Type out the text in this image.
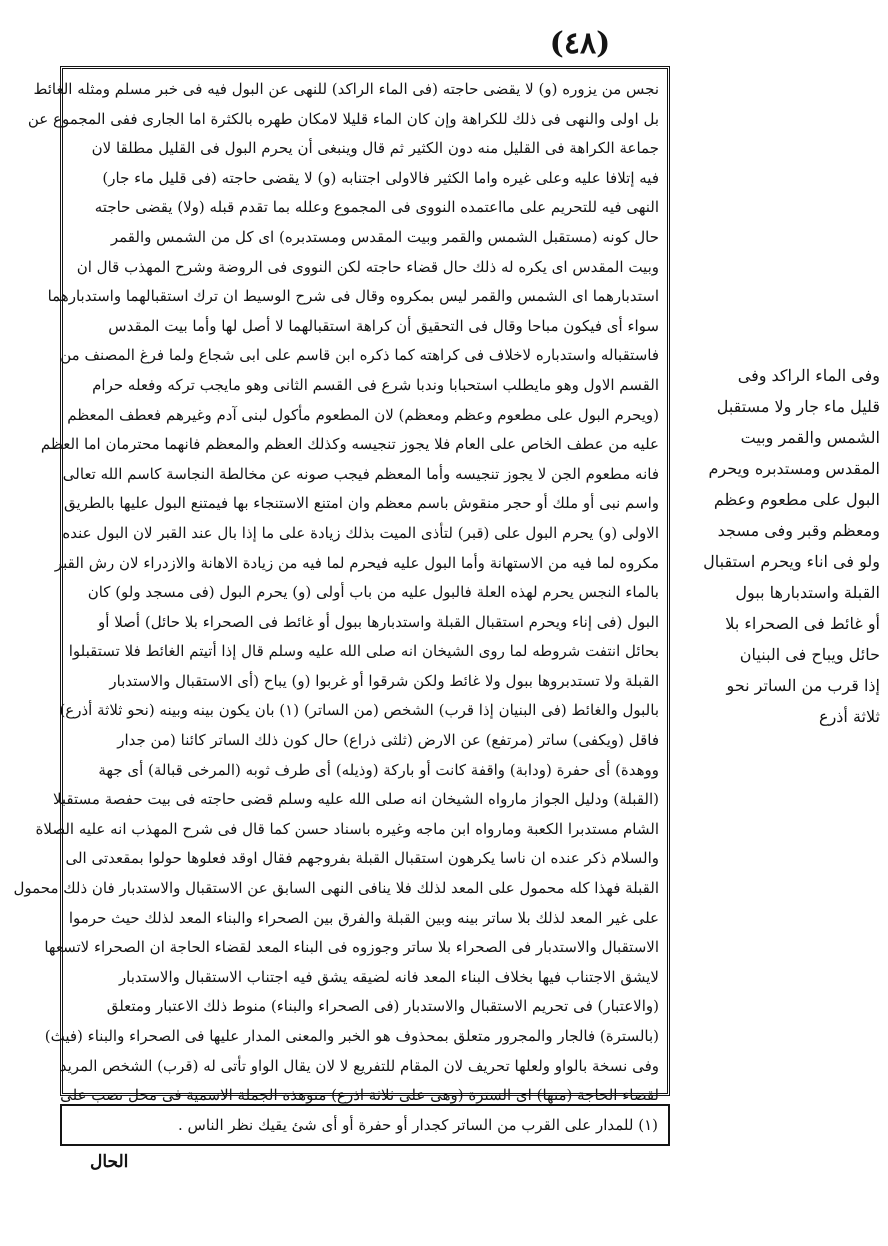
(٤٨)
نجس من يزوره (و) لا يقضى حاجته (فى الماء الراكد) للنهى عن البول فيه فى خبر مسلم ومثله الغائط
بل اولى والنهى فى ذلك للكراهة وإن كان الماء قليلا لامكان طهره بالكثرة اما الجارى ففى المجموع عن
جماعة الكراهة فى القليل منه دون الكثير ثم قال وينبغى أن يحرم البول فى القليل مطلقا لان
فيه إتلافا عليه وعلى غيره واما الكثير فالاولى اجتنابه (و) لا يقضى حاجته (فى قليل ماء جار)
النهى فيه للتحريم على مااعتمده النووى فى المجموع وعلله بما تقدم قبله (ولا) يقضى حاجته
حال كونه (مستقبل الشمس والقمر وبيت المقدس ومستدبره) اى كل من الشمس والقمر
وبيت المقدس اى يكره له ذلك حال قضاء حاجته لكن النووى فى الروضة وشرح المهذب قال ان
استدبارهما اى الشمس والقمر ليس بمكروه وقال فى شرح الوسيط ان ترك استقبالهما واستدبارهما
سواء أى فيكون مباحا وقال فى التحقيق أن كراهة استقبالهما لا أصل لها وأما بيت المقدس
فاستقباله واستدباره لاخلاف فى كراهته كما ذكره ابن قاسم على ابى شجاع ولما فرغ المصنف من
القسم الاول وهو مايطلب استحبابا وندبا شرع فى القسم الثانى وهو مايجب تركه وفعله حرام
(ويحرم البول على مطعوم وعظم ومعظم) لان المطعوم مأكول لبنى آدم وغيرهم فعطف المعظم
عليه من عطف الخاص على العام فلا يجوز تنجيسه وكذلك العظم والمعظم فانهما محترمان اما العظم
فانه مطعوم الجن لا يجوز تنجيسه وأما المعظم فيجب صونه عن مخالطة النجاسة كاسم الله تعالى
واسم نبى أو ملك أو حجر منقوش باسم معظم وان امتنع الاستنجاء بها فيمتنع البول عليها بالطريق
الاولى (و) يحرم البول على (قبر) لتأذى الميت بذلك زيادة على ما إذا بال عند القبر لان البول عنده
مكروه لما فيه من الاستهانة وأما البول عليه فيحرم لما فيه من زيادة الاهانة والازدراء لان رش القبر
بالماء النجس يحرم لهذه العلة فالبول عليه من باب أولى (و) يحرم البول (فى مسجد ولو) كان
البول (فى إناء ويحرم استقبال القبلة واستدبارها ببول أو غائط فى الصحراء بلا حائل) أصلا أو
بحائل انتفت شروطه لما روى الشيخان انه صلى الله عليه وسلم قال إذا أتيتم الغائط فلا تستقبلوا
القبلة ولا تستدبروها ببول ولا غائط ولكن شرقوا أو غربوا (و) يباح (أى الاستقبال والاستدبار
بالبول والغائط (فى البنيان إذا قرب) الشخص (من الساتر) (١) بان يكون بينه وبينه (نحو ثلاثة أذرع)
فاقل (ويكفى) ساتر (مرتفع) عن الارض (ثلثى ذراع) حال كون ذلك الساتر كائنا (من جدار
ووهدة) أى حفرة (ودابة) واقفة كانت أو باركة (وذيله) أى طرف ثوبه (المرخى قبالة) أى جهة
(القبلة) ودليل الجواز مارواه الشيخان انه صلى الله عليه وسلم قضى حاجته فى بيت حفصة مستقبلا
الشام مستدبرا الكعبة ومارواه ابن ماجه وغيره باسناد حسن كما قال فى شرح المهذب انه عليه الصلاة
والسلام ذكر عنده ان ناسا يكرهون استقبال القبلة بفروجهم فقال اوقد فعلوها حولوا بمقعدتى الى
القبلة فهذا كله محمول على المعد لذلك فلا ينافى النهى السابق عن الاستقبال والاستدبار فان ذلك محمول
على غير المعد لذلك بلا ساتر بينه وبين القبلة والفرق بين الصحراء والبناء المعد لذلك حيث حرموا
الاستقبال والاستدبار فى الصحراء بلا ساتر وجوزوه فى البناء المعد لقضاء الحاجة ان الصحراء لاتسعها
لايشق الاجتناب فيها بخلاف البناء المعد فانه لضيقه يشق فيه اجتناب الاستقبال والاستدبار
(والاعتبار) فى تحريم الاستقبال والاستدبار (فى الصحراء والبناء) منوط ذلك الاعتبار ومتعلق
(بالسترة) فالجار والمجرور متعلق بمحذوف هو الخبر والمعنى المدار عليها فى الصحراء والبناء (فيث)
وفى نسخة بالواو ولعلها تحريف لان المقام للتفريع لا لان يقال الواو تأتى له (قرب) الشخص المريد
لقضاء الحاجة (منها) اى السترة (وهى على ثلاثة اذرع) منوهذه الجملة الاسمية فى محل نصب على
(١) للمدار على القرب من الساتر كجدار أو حفرة أو أى شئ يقيك نظر الناس .
الحال
وفى الماء الراكد وفى
قليل ماء جار ولا مستقبل
الشمس والقمر وبيت
المقدس ومستدبره ويحرم
البول على مطعوم وعظم
ومعظم وقبر وفى مسجد
ولو فى اناء ويحرم استقبال
القبلة واستدبارها ببول
أو غائط فى الصحراء بلا
حائل ويباح فى البنيان
إذا قرب من الساتر نحو
ثلاثة أذرع
